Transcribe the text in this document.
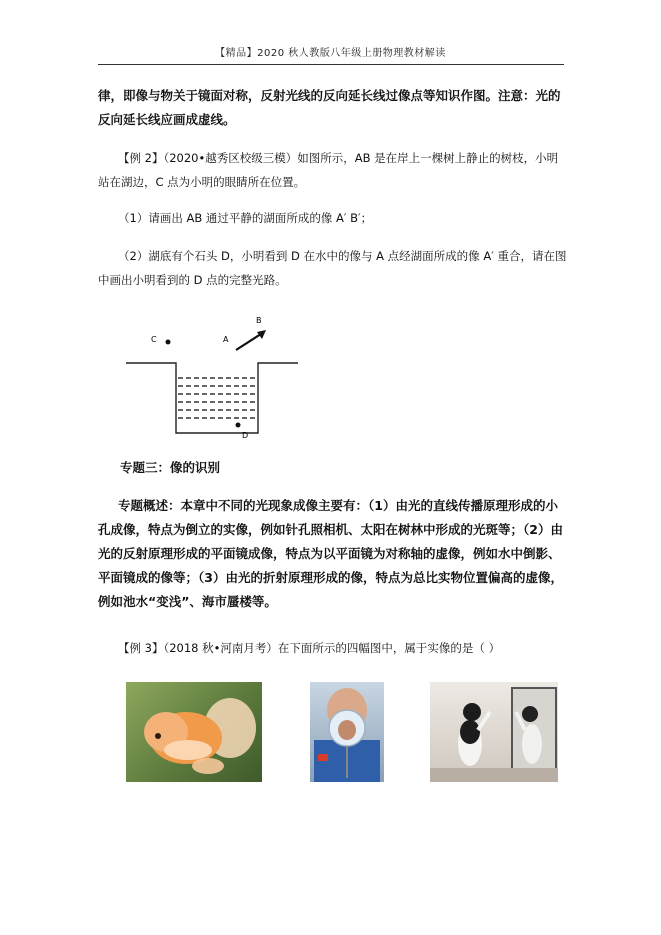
【精品】2020 秋人教版八年级上册物理教材解读
律，即像与物关于镜面对称，反射光线的反向延长线过像点等知识作图。注意：光的反向延长线应画成虚线。
【例 2】（2020•越秀区校级三模）如图所示，AB 是在岸上一棵树上静止的树枝，小明站在湖边，C 点为小明的眼睛所在位置。
（1）请画出 AB 通过平静的湖面所成的像 A′ B′；
（2）湖底有个石头 D，小明看到 D 在水中的像与 A 点经湖面所成的像 A′ 重合，请在图中画出小明看到的 D 点的完整光路。
C	A
B
D
专题三：像的识别
专题概述：本章中不同的光现象成像主要有：（1）由光的直线传播原理形成的小孔成像，特点为倒立的实像，例如针孔照相机、太阳在树林中形成的光斑等；（2）由光的反射原理形成的平面镜成像，特点为以平面镜为对称轴的虚像，例如水中倒影、平面镜成的像等；（3）由光的折射原理形成的像，特点为总比实物位置偏高的虚像，例如池水“变浅”、海市蜃楼等。
【例 3】（2018 秋•河南月考）在下面所示的四幅图中，属于实像的是（ ）
